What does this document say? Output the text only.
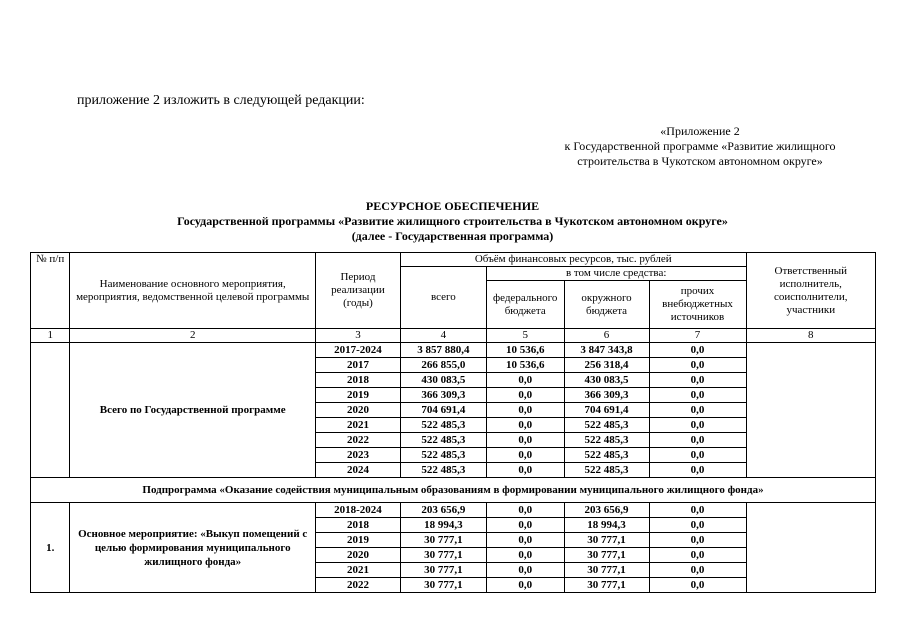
приложение 2 изложить в следующей редакции:
«Приложение 2
к Государственной программе «Развитие жилищного
строительства в Чукотском автономном округе»
РЕСУРСНОЕ ОБЕСПЕЧЕНИЕ
Государственной программы «Развитие жилищного строительства в Чукотском автономном округе»
(далее - Государственная программа)
№ п/п	Наименование основного мероприятия, мероприятия, ведомственной целевой программы	Период реализации (годы)	Объём финансовых ресурсов, тыс. рублей				Ответственный исполнитель, соисполнители, участники
			всего	в том числе средства:			
				федерального бюджета	окружного бюджета	прочих внебюджетных источников	
1	2	3	4	5	6	7	8
	Всего по Государственной программе	2017-2024	3 857 880,4	10 536,6	3 847 343,8	0,0	
		2017	266 855,0	10 536,6	256 318,4	0,0	
		2018	430 083,5	0,0	430 083,5	0,0	
		2019	366 309,3	0,0	366 309,3	0,0	
		2020	704 691,4	0,0	704 691,4	0,0	
		2021	522 485,3	0,0	522 485,3	0,0	
		2022	522 485,3	0,0	522 485,3	0,0	
		2023	522 485,3	0,0	522 485,3	0,0	
		2024	522 485,3	0,0	522 485,3	0,0	
Подпрограмма «Оказание содействия муниципальным образованиям в формировании муниципального жилищного фонда»							
1.	Основное мероприятие: «Выкуп помещений с целью формирования муниципального жилищного фонда»	2018-2024	203 656,9	0,0	203 656,9	0,0	
		2018	18 994,3	0,0	18 994,3	0,0	
		2019	30 777,1	0,0	30 777,1	0,0	
		2020	30 777,1	0,0	30 777,1	0,0	
		2021	30 777,1	0,0	30 777,1	0,0	
		2022	30 777,1	0,0	30 777,1	0,0	
